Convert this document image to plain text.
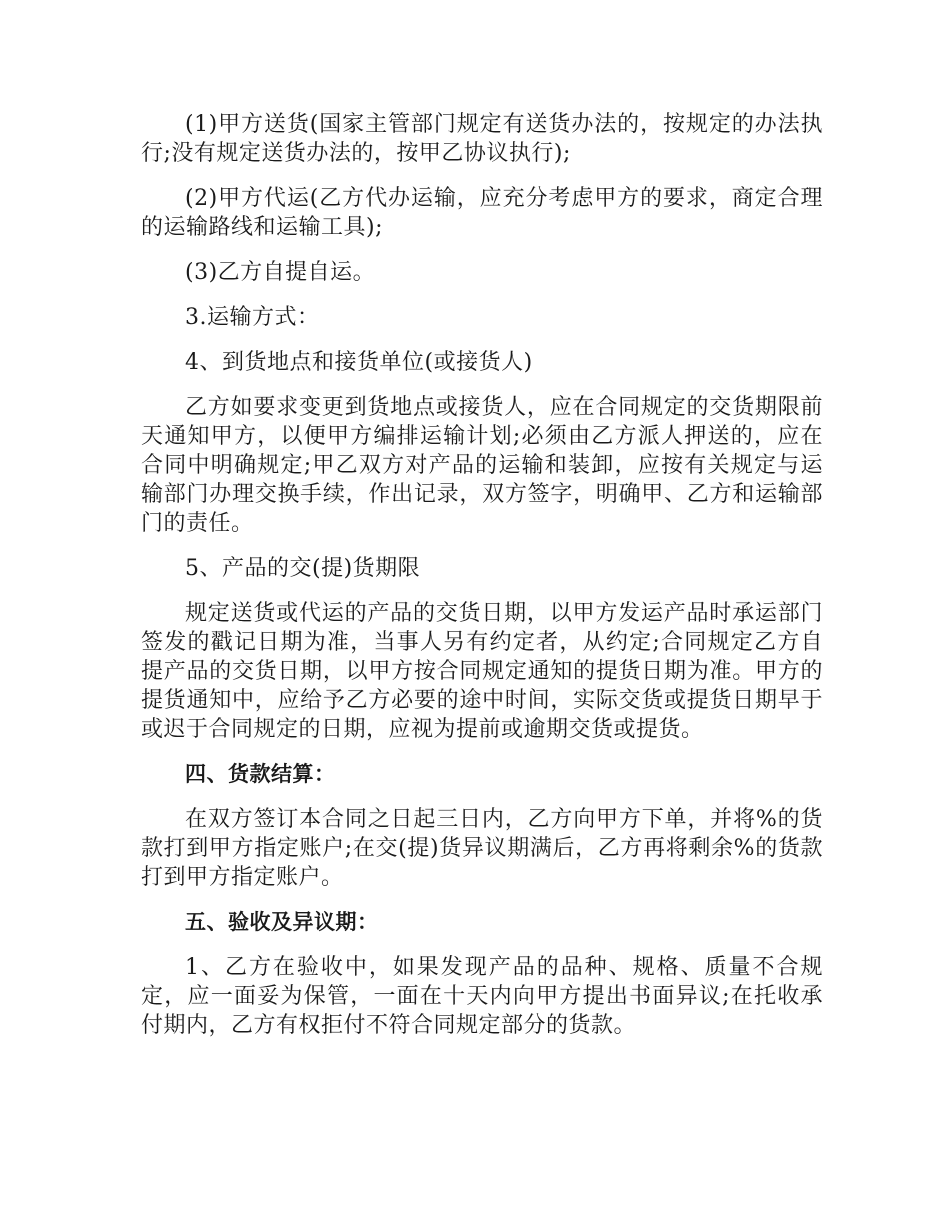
(1)甲方送货(国家主管部门规定有送货办法的，按规定的办法执行;没有规定送货办法的，按甲乙协议执行);

(2)甲方代运(乙方代办运输，应充分考虑甲方的要求，商定合理的运输路线和运输工具);

(3)乙方自提自运。

3.运输方式：

4、到货地点和接货单位(或接货人)

乙方如要求变更到货地点或接货人，应在合同规定的交货期限前天通知甲方，以便甲方编排运输计划;必须由乙方派人押送的，应在合同中明确规定;甲乙双方对产品的运输和装卸，应按有关规定与运输部门办理交换手续，作出记录，双方签字，明确甲、乙方和运输部门的责任。

5、产品的交(提)货期限

规定送货或代运的产品的交货日期，以甲方发运产品时承运部门签发的戳记日期为准，当事人另有约定者，从约定;合同规定乙方自提产品的交货日期，以甲方按合同规定通知的提货日期为准。甲方的提货通知中，应给予乙方必要的途中时间，实际交货或提货日期早于或迟于合同规定的日期，应视为提前或逾期交货或提货。

四、货款结算：

在双方签订本合同之日起三日内，乙方向甲方下单，并将%的货款打到甲方指定账户;在交(提)货异议期满后，乙方再将剩余%的货款打到甲方指定账户。

五、验收及异议期：

1、乙方在验收中，如果发现产品的品种、规格、质量不合规定，应一面妥为保管，一面在十天内向甲方提出书面异议;在托收承付期内，乙方有权拒付不符合同规定部分的货款。
